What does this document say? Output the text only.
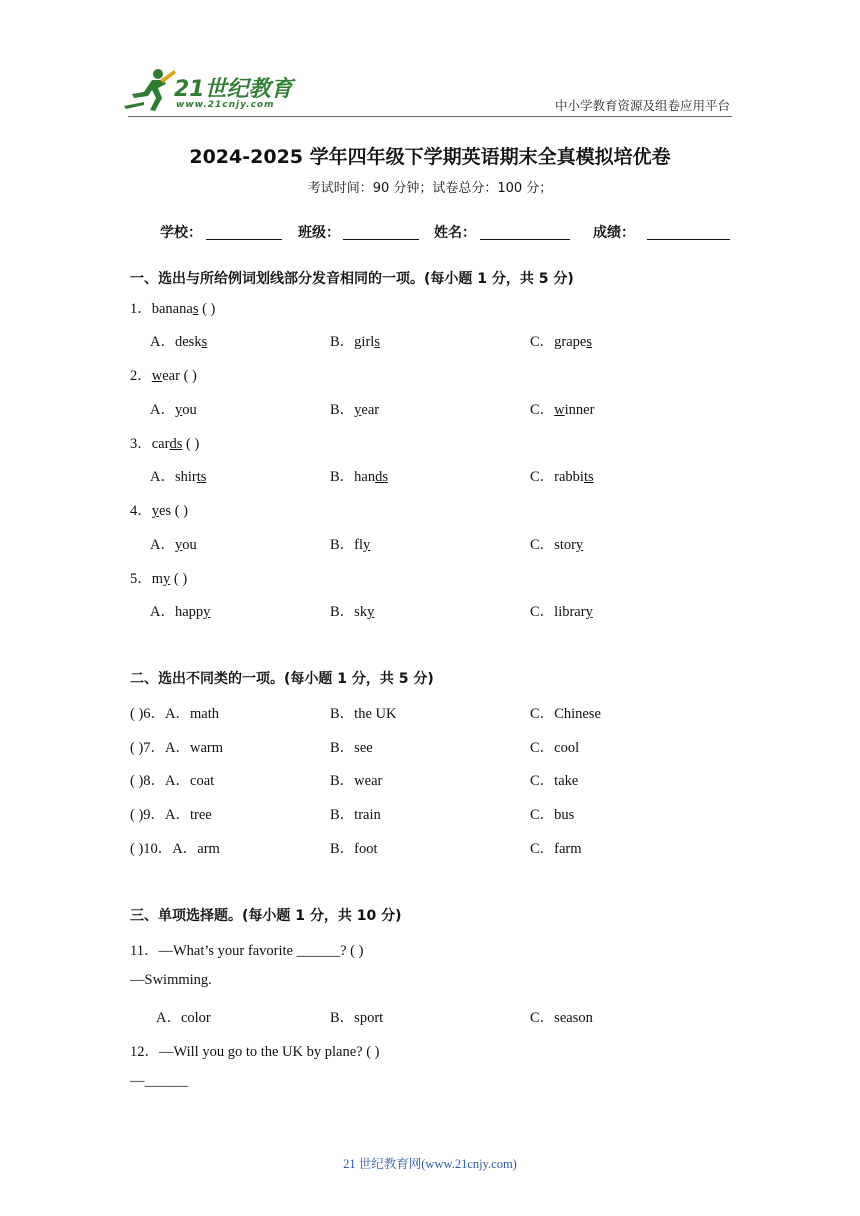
21世纪教育
www.21cnjy.com	中小学教育资源及组卷应用平台
2024-2025 学年四年级下学期英语期末全真模拟培优卷
考试时间：90 分钟；试卷总分：100 分；
学校：	班级：	姓名：	成绩：
一、选出与所给例词划线部分发音相同的一项。(每小题 1 分，共 5 分)
1．bananas ( )
A．desks	B．girls	C．grapes
2．wear ( )
A．you	B．year	C．winner
3．cards ( )
A．shirts	B．hands	C．rabbits
4．yes ( )
A．you	B．fly	C．story
5．my ( )
A．happy	B．sky	C．library
二、选出不同类的一项。(每小题 1 分，共 5 分)
( )6．A．math	B．the UK	C．Chinese
( )7．A．warm	B．see	C．cool
( )8．A．coat	B．wear	C．take
( )9．A．tree	B．train	C．bus
( )10．A．arm	B．foot	C．farm
三、单项选择题。(每小题 1 分，共 10 分)
11．—What’s your favorite ______? ( )
—Swimming.
A．color	B．sport	C．season
12．—Will you go to the UK by plane? ( )
—______
21 世纪教育网(www.21cnjy.com)
